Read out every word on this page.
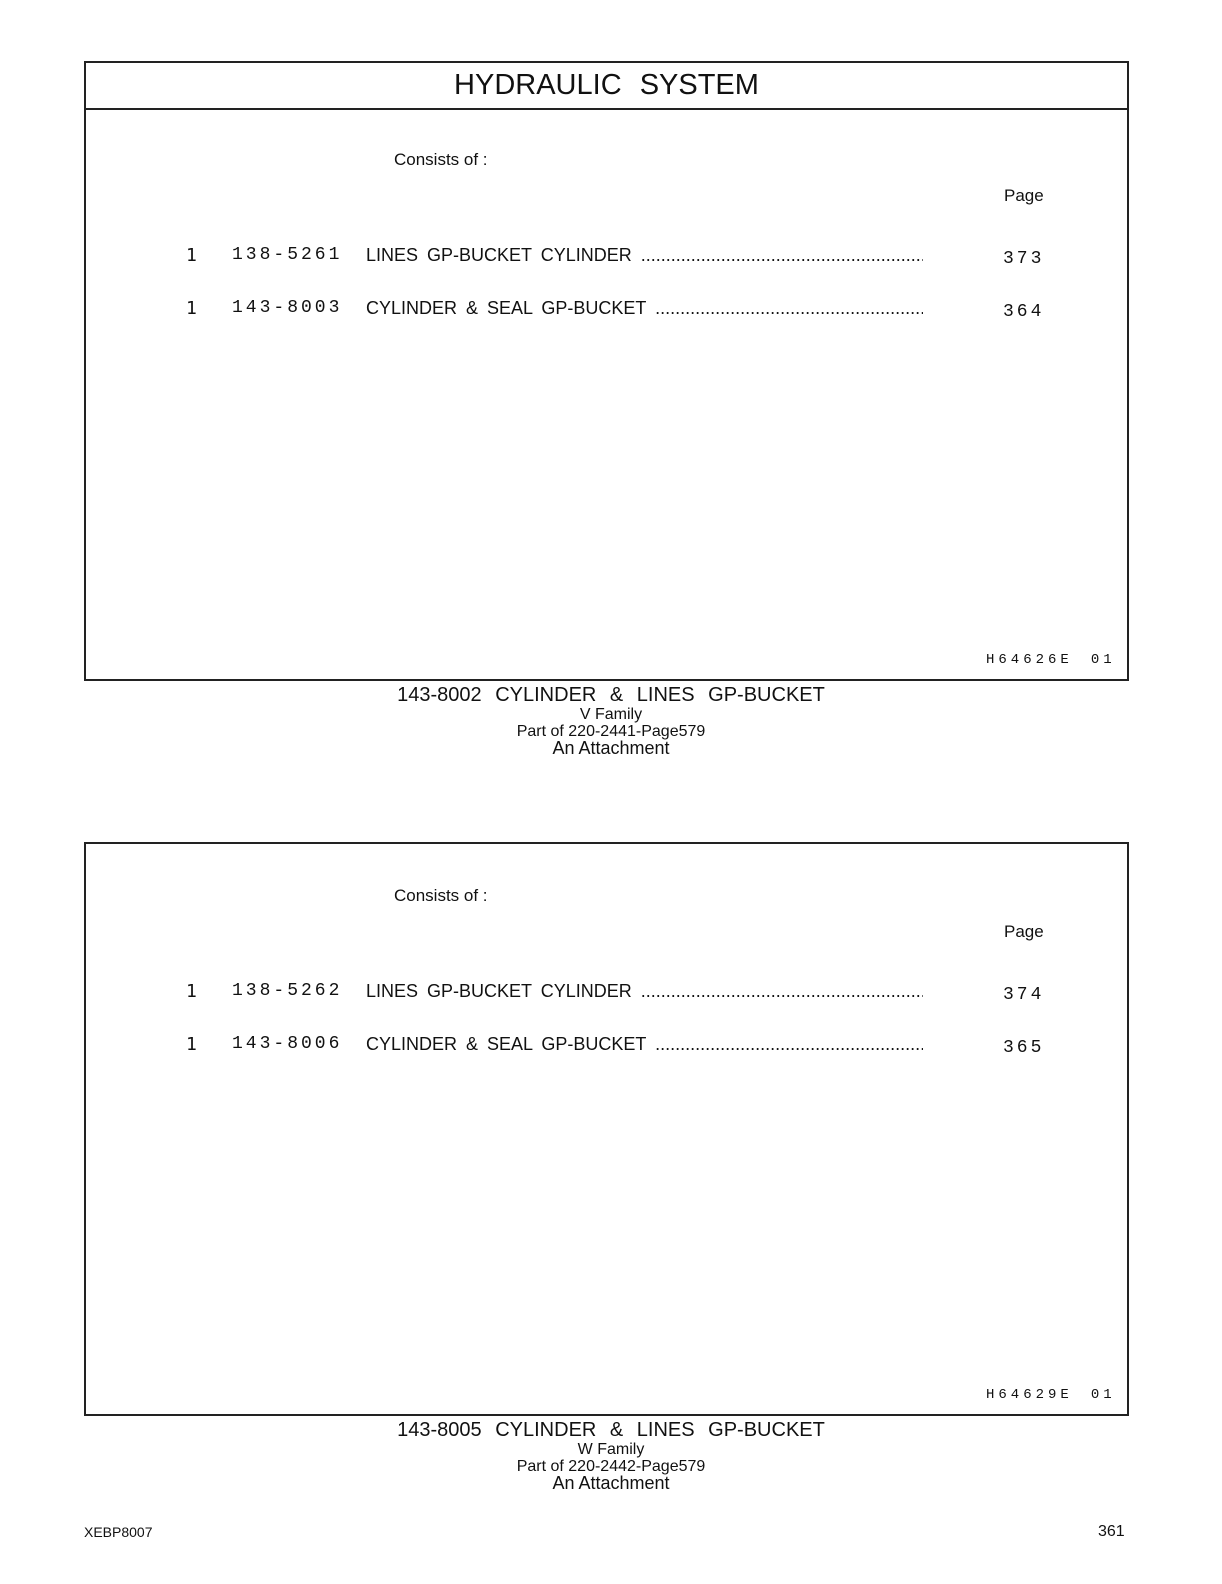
HYDRAULIC SYSTEM
Consists of :
Page
1 138-5261 LINES GP-BUCKET CYLINDER .....	373
1 143-8003 CYLINDER & SEAL GP-BUCKET .....	364
H64626E 01
143-8002 CYLINDER & LINES GP-BUCKET
V Family
Part of 220-2441-Page579
An Attachment
Consists of :
Page
1 138-5262 LINES GP-BUCKET CYLINDER .....	374
1 143-8006 CYLINDER & SEAL GP-BUCKET .....	365
H64629E 01
143-8005 CYLINDER & LINES GP-BUCKET
W Family
Part of 220-2442-Page579
An Attachment
XEBP8007	361
